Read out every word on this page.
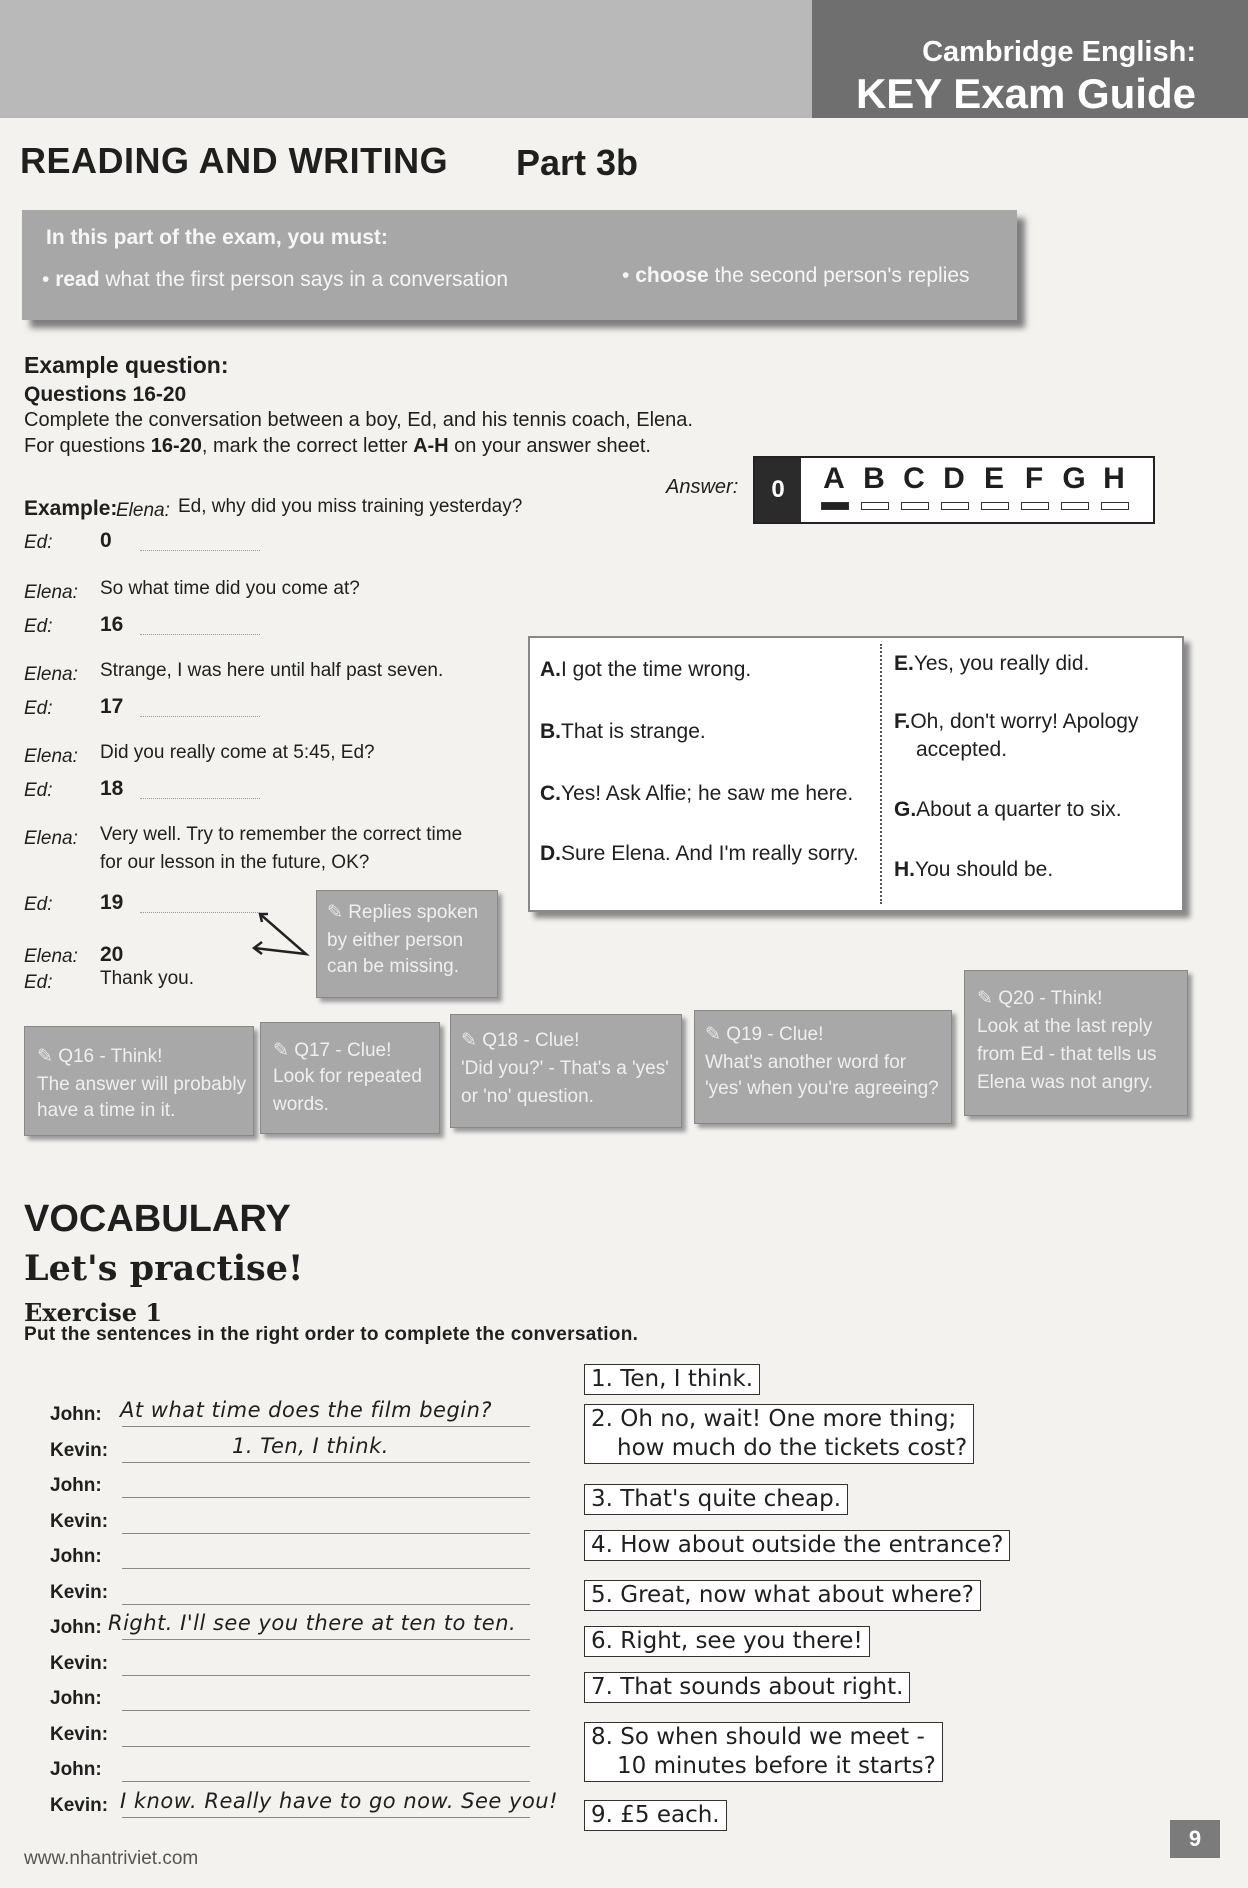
Cambridge English:
KEY Exam Guide
READING AND WRITING Part 3b
In this part of the exam, you must:
• read what the first person says in a conversation	• choose the second person's replies
Example question:
Questions 16-20
Complete the conversation between a boy, Ed, and his tennis coach, Elena.
For questions 16-20, mark the correct letter A-H on your answer sheet.
Answer:	0	A B C D E F G H
Example:
A.I got the time wrong.
B.That is strange.
C.Yes! Ask Alfie; he saw me here.
D.Sure Elena. And I'm really sorry.
E.Yes, you really did.
F.Oh, don't worry! Apology
accepted.
G.About a quarter to six.
H.You should be.
✎ Replies spoken
by either person
can be missing.
✎ Q16 - Think!
The answer will probably
have a time in it.
✎ Q17 - Clue!
Look for repeated
words.
✎ Q18 - Clue!
'Did you?' - That's a 'yes'
or 'no' question.
✎ Q19 - Clue!
What's another word for
'yes' when you're agreeing?
✎ Q20 - Think!
Look at the last reply
from Ed - that tells us
Elena was not angry.
VOCABULARY
Let's practise!
Exercise 1
Put the sentences in the right order to complete the conversation.
www.nhantriviet.com
9
Elena: Ed, why did you miss training yesterday?
Ed: 0
Elena: So what time did you come at?
Ed: 16
Elena: Strange, I was here until half past seven.
Ed: 17
Elena: Did you really come at 5:45, Ed?
Ed: 18
Elena: Very well. Try to remember the correct time
for our lesson in the future, OK?
Ed: 19
Elena: 20
Ed: Thank you.
John: At what time does the film begin?
Kevin:	1. Ten, I think.
John:
Kevin:
John:
Kevin:
John: Right. I'll see you there at ten to ten.
Kevin:
John:
Kevin:
John:
Kevin: I know. Really have to go now. See you!
1. Ten, I think.
2. Oh no, wait! One more thing;
how much do the tickets cost?
3. That's quite cheap.
4. How about outside the entrance?
5. Great, now what about where?
6. Right, see you there!
7. That sounds about right.
8. So when should we meet -
10 minutes before it starts?
9. £5 each.
